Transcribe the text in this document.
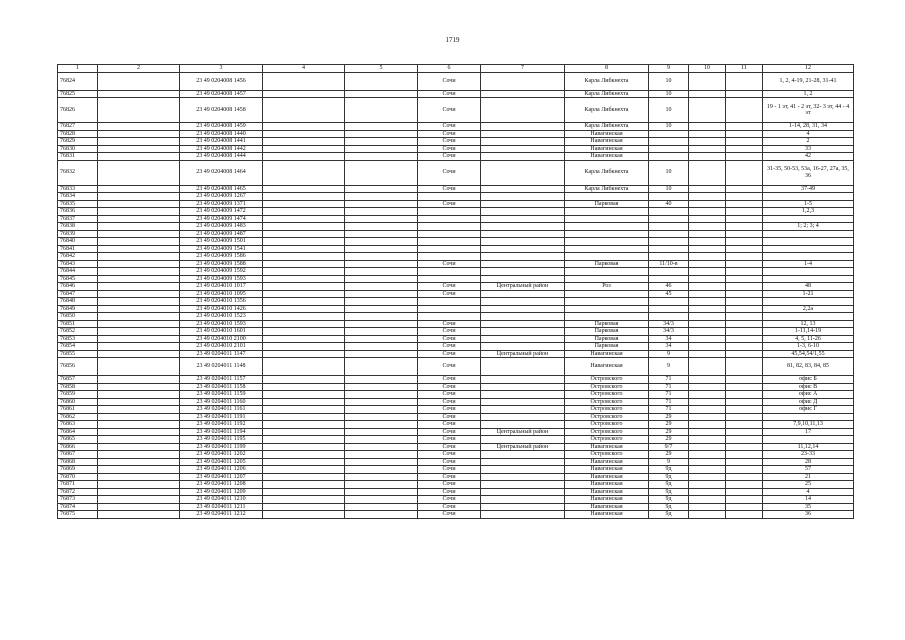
1719
1	2	3	4	5	6	7	8	9	10	11	12
76824		23 49 0204008 1456			Сочи		Карла Либкнехта	10			1, 2, 4-19, 21-28, 31-41
76825		23 49 0204008 1457			Сочи		Карла Либкнехта	10			1, 2
76826		23 49 0204008 1458			Сочи		Карла Либкнехта	10			19 - 1 эт, 41 - 2 эт, 32- 3 эт, 44 - 4 эт
76827		23 49 0204008 1459			Сочи		Карла Либкнехта	10			1-14, 28, 31, 34
76828		23 49 0204008 1440			Сочи		Навагинская				4
76829		23 49 0204008 1441			Сочи		Навагинская				2
76830		23 49 0204008 1442			Сочи		Навагинская				33
76831		23 49 0204008 1444			Сочи		Навагинская				42
76832		23 49 0204008 1464			Сочи		Карла Либкнехта	10			31-35, 50-53, 53а, 16-27, 27а, 35, 36
76833		23 49 0204008 1465			Сочи		Карла Либкнехта	10			37-49
76834		23 49 0204009 1267									
76835		23 49 0204009 1371			Сочи		Парковая	40			1-5
76836		23 49 0204009 1472									1,2,3
76837		23 49 0204009 1474									
76838		23 49 0204009 1483									1; 2; 3; 4
76839		23 49 0204009 1487									
76840		23 49 0204009 1501									
76841		23 49 0204009 1541									
76842		23 49 0204009 1586									
76843		23 49 0204009 1588			Сочи		Парковая	11/10-в			1-4
76844		23 49 0204009 1592									
76845		23 49 0204009 1593									
76846		23 49 0204010 1017			Сочи	Центральный район	Роз	46			48
76847		23 49 0204010 1095			Сочи			45			1-21
76848		23 49 0204010 1356									
76849		23 49 0204010 1426									2,2а
76850		23 49 0204010 1523									
76851		23 49 0204010 1593			Сочи		Парковая	34/3			12, 13
76852		23 49 0204010 1601			Сочи		Парковая	34/3			1-11,14-19
76853		23 49 0204010 2100			Сочи		Парковая	34			4, 5, 11-26
76854		23 49 0204010 2101			Сочи		Парковая	34			1-3, 6-10
76855		23 49 0204011 1147			Сочи	Центральный район	Навагинская	9			45,54,54/1,55
76856		23 49 0204011 1148			Сочи		Навагинская	9			81, 82, 83, 84, 85
76857		23 49 0204011 1157			Сочи		Островского	71			офис Б
76858		23 49 0204011 1158			Сочи		Островского	71			офис В
76859		23 49 0204011 1159			Сочи		Островского	71			офис А
76860		23 49 0204011 1160			Сочи		Островского	71			офис Д
76861		23 49 0204011 1161			Сочи		Островского	71			офис Г
76862		23 49 0204011 1191			Сочи		Островского	29			
76863		23 49 0204011 1192			Сочи		Островского	29			7,9,10,11,13
76864		23 49 0204011 1194			Сочи	Центральный район	Островского	29			17
76865		23 49 0204011 1195			Сочи		Островского	29			
76866		23 49 0204011 1199			Сочи	Центральный район	Навагинская	9/7			11,12,14
76867		23 49 0204011 1202			Сочи		Островского	29			23-33
76868		23 49 0204011 1205			Сочи		Навагинская	9			28
76869		23 49 0204011 1206			Сочи		Навагинская	9д			57
76870		23 49 0204011 1207			Сочи		Навагинская	9д			21
76871		23 49 0204011 1208			Сочи		Навагинская	9д			25
76872		23 49 0204011 1209			Сочи		Навагинская	9д			4
76873		23 49 0204011 1210			Сочи		Навагинская	9д			14
76874		23 49 0204011 1211			Сочи		Навагинская	9д			35
76875		23 49 0204011 1212			Сочи		Навагинская	9д			36
